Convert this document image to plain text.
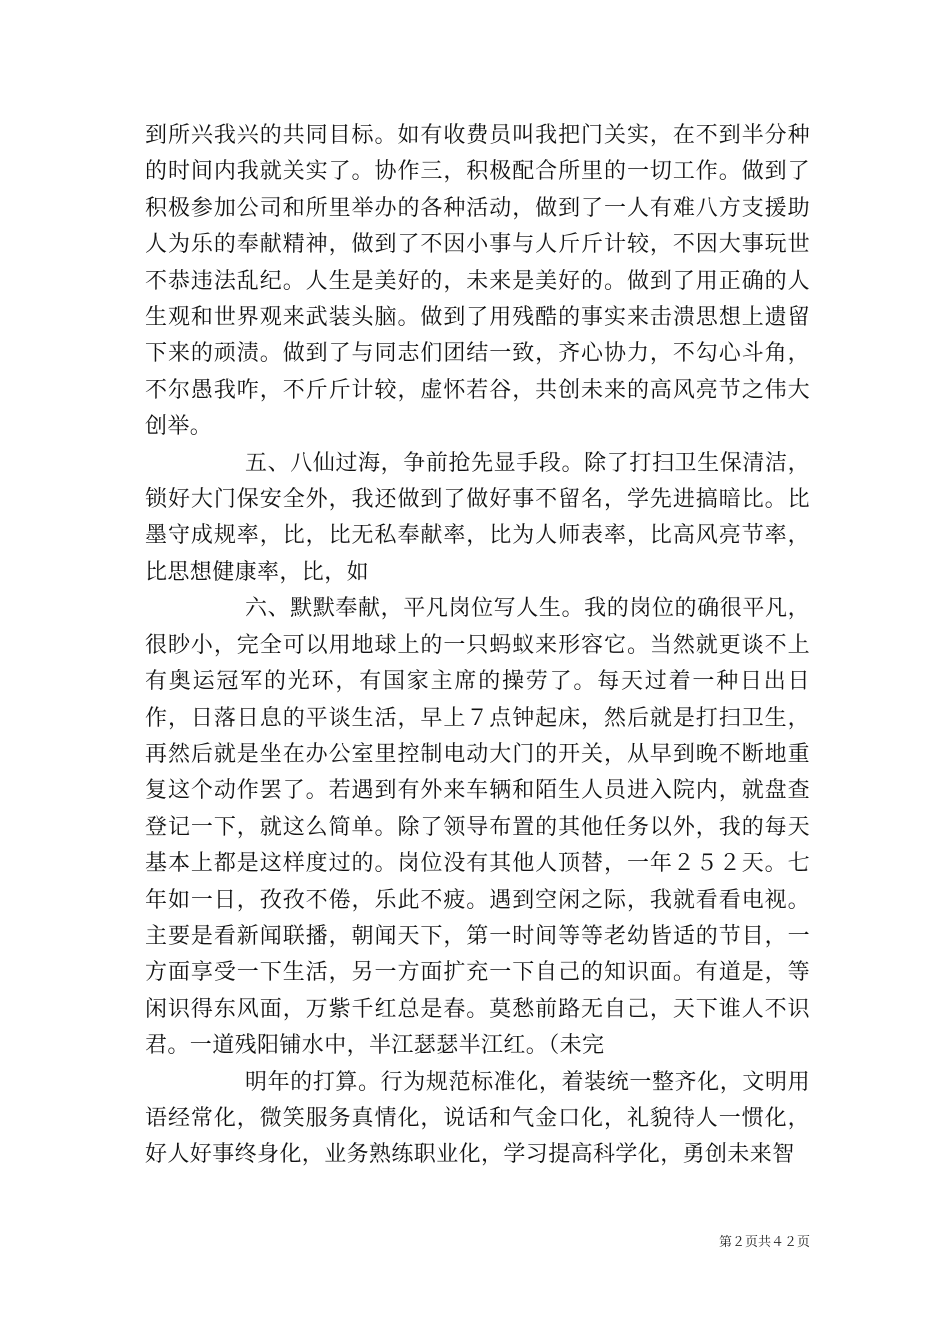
到所兴我兴的共同目标。如有收费员叫我把门关实，在不到半分种的时间内我就关实了。协作三，积极配合所里的一切工作。做到了积极参加公司和所里举办的各种活动，做到了一人有难八方支援助人为乐的奉献精神，做到了不因小事与人斤斤计较，不因大事玩世不恭违法乱纪。人生是美好的，未来是美好的。做到了用正确的人生观和世界观来武装头脑。做到了用残酷的事实来击溃思想上遗留下来的顽渍。做到了与同志们团结一致，齐心协力，不勾心斗角，不尔愚我咋，不斤斤计较，虚怀若谷，共创未来的高风亮节之伟大创举。

五、八仙过海，争前抢先显手段。除了打扫卫生保清洁，锁好大门保安全外，我还做到了做好事不留名，学先进搞暗比。比墨守成规率，比，比无私奉献率，比为人师表率，比高风亮节率，比思想健康率，比，如

六、默默奉献，平凡岗位写人生。我的岗位的确很平凡，很眇小，完全可以用地球上的一只蚂蚁来形容它。当然就更谈不上有奥运冠军的光环，有国家主席的操劳了。每天过着一种日出日作，日落日息的平谈生活，早上７点钟起床，然后就是打扫卫生，再然后就是坐在办公室里控制电动大门的开关，从早到晚不断地重复这个动作罢了。若遇到有外来车辆和陌生人员进入院内，就盘查登记一下，就这么简单。除了领导布置的其他任务以外，我的每天基本上都是这样度过的。岗位没有其他人顶替，一年２５２天。七年如一日，孜孜不倦，乐此不疲。遇到空闲之际，我就看看电视。主要是看新闻联播，朝闻天下，第一时间等等老幼皆适的节目，一方面享受一下生活，另一方面扩充一下自己的知识面。有道是，等闲识得东风面，万紫千红总是春。莫愁前路无自己，天下谁人不识君。一道残阳铺水中，半江瑟瑟半江红。（未完

明年的打算。行为规范标准化，着装统一整齐化，文明用语经常化，微笑服务真情化，说话和气金口化，礼貌待人一惯化，好人好事终身化，业务熟练职业化，学习提高科学化，勇创未来智

第２页共４２页
